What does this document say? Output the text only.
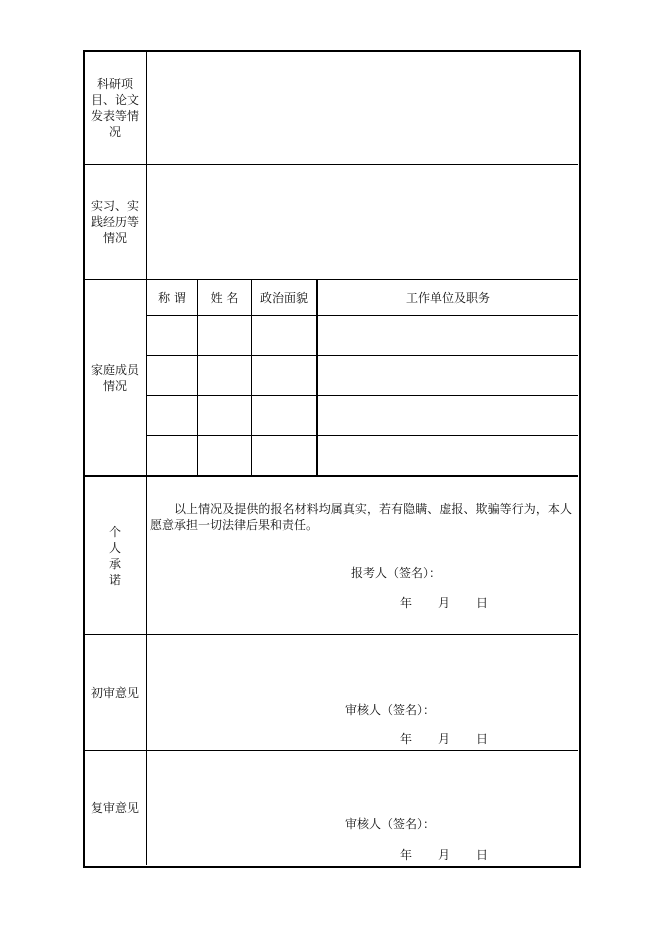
科研项目、论文发表等情况
实习、实践经历等情况
家庭成员情况
个人承诺
初审意见
复审意见
称 谓 姓 名 政治面貌	工作单位及职务
以上情况及提供的报名材料均属真实，若有隐瞒、虚报、欺骗等行为，本人愿意承担一切法律后果和责任。
报考人（签名）：
年 月 日
审核人（签名）：
年 月 日
审核人（签名）：
年 月 日
